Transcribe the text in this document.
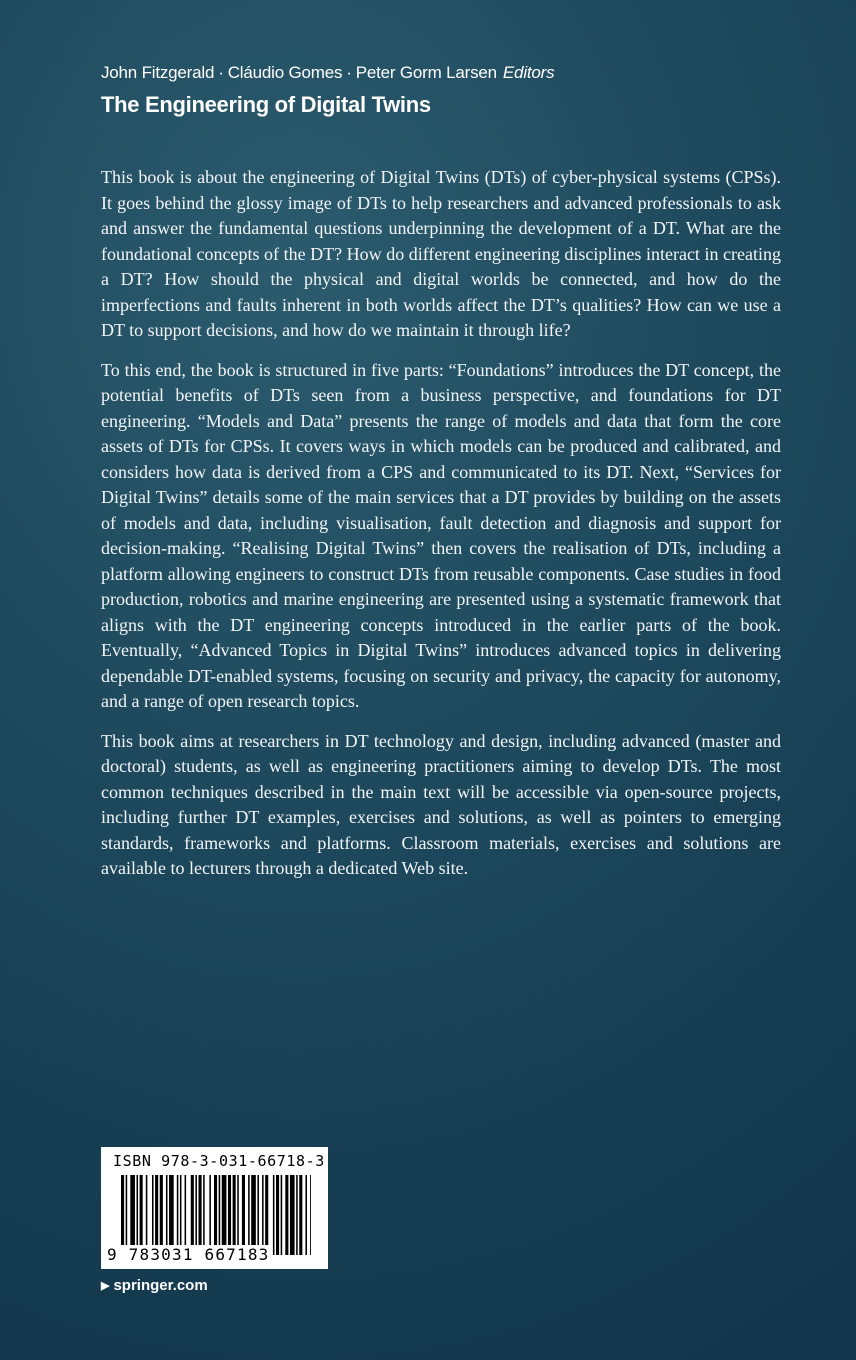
John Fitzgerald · Cláudio Gomes · Peter Gorm Larsen Editors
The Engineering of Digital Twins

This book is about the engineering of Digital Twins (DTs) of cyber-physical systems (CPSs). It goes behind the glossy image of DTs to help researchers and advanced professionals to ask and answer the fundamental questions underpinning the development of a DT. What are the foundational concepts of the DT? How do different engineering disciplines interact in creating a DT? How should the physical and digital worlds be connected, and how do the imperfections and faults inherent in both worlds affect the DT’s qualities? How can we use a DT to support decisions, and how do we maintain it through life?

To this end, the book is structured in five parts: “Foundations” introduces the DT concept, the potential benefits of DTs seen from a business perspective, and foundations for DT engineering. “Models and Data” presents the range of models and data that form the core assets of DTs for CPSs. It covers ways in which models can be produced and calibrated, and considers how data is derived from a CPS and communicated to its DT. Next, “Services for Digital Twins” details some of the main services that a DT provides by building on the assets of models and data, including visualisation, fault detection and diagnosis and support for decision-making. “Realising Digital Twins” then covers the realisation of DTs, including a platform allowing engineers to construct DTs from reusable components. Case studies in food production, robotics and marine engineering are presented using a systematic framework that aligns with the DT engineering concepts introduced in the earlier parts of the book. Eventually, “Advanced Topics in Digital Twins” introduces advanced topics in delivering dependable DT-enabled systems, focusing on security and privacy, the capacity for autonomy, and a range of open research topics.

This book aims at researchers in DT technology and design, including advanced (master and doctoral) students, as well as engineering practitioners aiming to develop DTs. The most common techniques described in the main text will be accessible via open-source projects, including further DT examples, exercises and solutions, as well as pointers to emerging standards, frameworks and platforms. Classroom materials, exercises and solutions are available to lecturers through a dedicated Web site.

ISBN 978-3-031-66718-3
9 783031 667183
▶ springer.com
